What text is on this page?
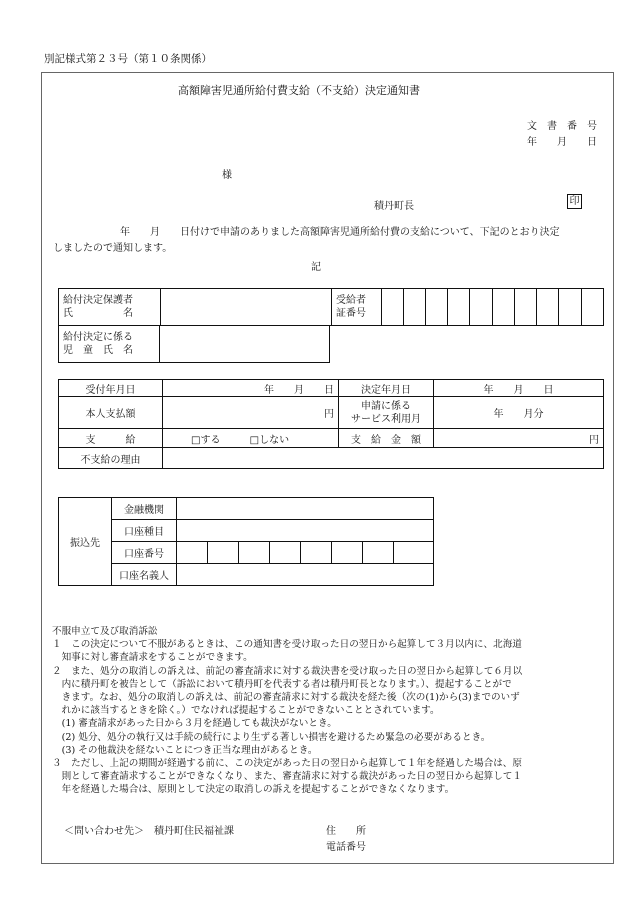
別記様式第２３号（第１０条関係）
高額障害児通所給付費支給（不支給）決定通知書
文　書　番　号
年　　月　　日
様
積丹町長	印
年　　月　　日付けで申請のありました高額障害児通所給付費の支給について、下記のとおり決定
しましたので通知します。
記
給付決定保護者
氏　　　　　名

受給者
証番号

給付決定に係る
児　童　氏　名

受付年月日	年　　月　　日	決定年月日	年　　月　　日
本人支払額	円	申請に係る
サービス利用月	年　　月分
支　　　給	□する □しない	支　給　金　額	円
不支給の理由			
振込先	金融機関								
	口座種目								
	口座番号								
	口座名義人								
不服申立て及び取消訴訟
１　この決定について不服があるときは、この通知書を受け取った日の翌日から起算して３月以内に、北海道
　知事に対し審査請求をすることができます。
２　また、処分の取消しの訴えは、前記の審査請求に対する裁決書を受け取った日の翌日から起算して６月以
　内に積丹町を被告として（訴訟において積丹町を代表する者は積丹町長となります。）、提起することがで
　きます。なお、処分の取消しの訴えは、前記の審査請求に対する裁決を経た後（次の(1)から(3)までのいず
　れかに該当するときを除く。）でなければ提起することができないこととされています。
　(1) 審査請求があった日から３月を経過しても裁決がないとき。
　(2) 処分、処分の執行又は手続の続行により生ずる著しい損害を避けるため緊急の必要があるとき。
　(3) その他裁決を経ないことにつき正当な理由があるとき。
３　ただし、上記の期間が経過する前に、この決定があった日の翌日から起算して１年を経過した場合は、原
　則として審査請求することができなくなり、また、審査請求に対する裁決があった日の翌日から起算して１
　年を経過した場合は、原則として決定の取消しの訴えを提起することができなくなります。
＜問い合わせ先＞　積丹町住民福祉課	住　　所
電話番号
